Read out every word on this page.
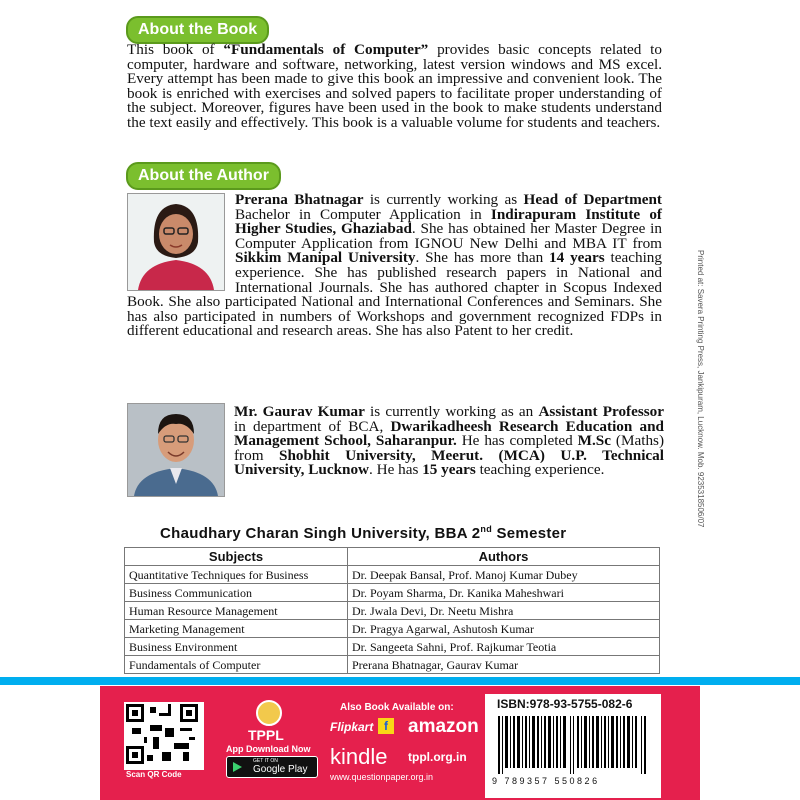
About the Book
This book of “Fundamentals of Computer” provides basic concepts related to computer, hardware and software, networking, latest version windows and MS excel. Every attempt has been made to give this book an impressive and convenient look. The book is enriched with exercises and solved papers to facilitate proper understanding of the subject. Moreover, figures have been used in the book to make students understand the text easily and effectively. This book is a valuable volume for students and teachers.
About the Author
Prerana Bhatnagar is currently working as Head of Department Bachelor in Computer Application in Indirapuram Institute of Higher Studies, Ghaziabad. She has obtained her Master Degree in Computer Application from IGNOU New Delhi and MBA IT from Sikkim Manipal University. She has more than 14 years teaching experience. She has published research papers in National and International Journals. She has authored chapter in Scopus Indexed Book. She also participated National and International Conferences and Seminars. She has also participated in numbers of Workshops and government recognized FDPs in different educational and research areas. She has also Patent to her credit.
Mr. Gaurav Kumar is currently working as an Assistant Professor in department of BCA, Dwarikadheesh Research Education and Management School, Saharanpur. He has completed M.Sc (Maths) from Shobhit University, Meerut. (MCA) U.P. Technical University, Lucknow. He has 15 years teaching experience.
Chaudhary Charan Singh University, BBA 2nd Semester
Subjects	Authors
Quantitative Techniques for Business	Dr. Deepak Bansal, Prof. Manoj Kumar Dubey
Business Communication	Dr. Poyam Sharma, Dr. Kanika Maheshwari
Human Resource Management	Dr. Jwala Devi, Dr. Neetu Mishra
Marketing Management	Dr. Pragya Agarwal, Ashutosh Kumar
Business Environment	Dr. Sangeeta Sahni, Prof. Rajkumar Teotia
Fundamentals of Computer	Prerana Bhatnagar, Gaurav Kumar
Printed at: Savera Printing Press, Jankipuram, Lucknow. Mob. 9235318506/07
Scan QR Code
TPPL
App Download Now
GET IT ON
Google Play
Also Book Available on:
Flipkart f	amazon
kindle tppl.org.in
www.questionpaper.org.in
ISBN:978-93-5755-082-6
9 789357 550826
